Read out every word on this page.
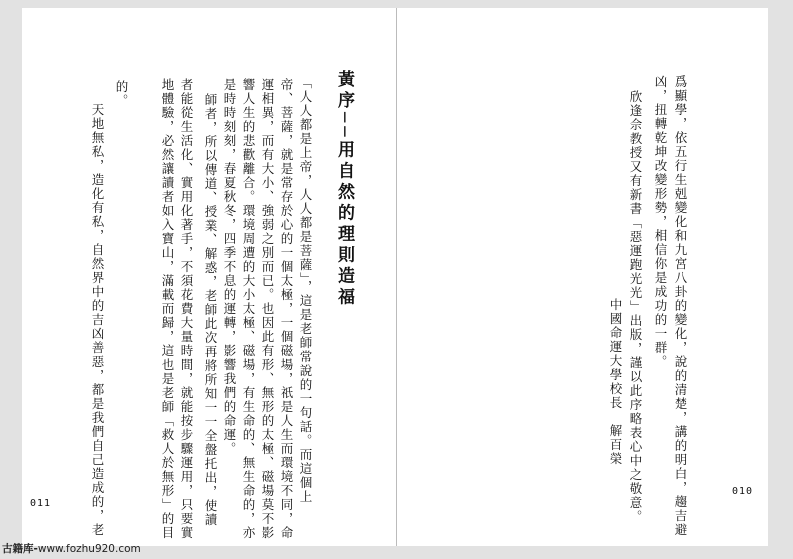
黃序──用自然的理則造福
「人人都是上帝，人人都是菩薩」，這是老師常說的一句話。而這個上
帝、菩薩，就是常存於心的一個太極，一個磁場，祇是人生而環境不同，命
運相異，而有大小、強弱之別而已。也因此有形、無形的太極、磁場莫不影
響人生的悲歡離合。環境周遭的大小太極、磁場，有生命的、無生命的，亦
是時時刻刻，春夏秋冬，四季不息的運轉，影響我們的命運。
師者，所以傳道、授業、解惑，老師此次再將所知一一全盤托出，使讀
者能從生活化、實用化著手，不須花費大量時間，就能按步驟運用，只要實
地體驗，必然讓讀者如入寶山，滿載而歸，這也是老師「救人於無形」的目
的。
天地無私，造化有私，自然界中的吉凶善惡，都是我們自己造成的，老
011	爲顯學，依五行生剋變化和九宮八卦的變化，說的清楚，講的明白，趨吉避
凶，扭轉乾坤改變形勢，相信你是成功的一群。
欣逢佘教授又有新書「惡運跑光光」出版，謹以此序略表心中之敬意。
中國命運大學校長　解百榮
010
古籍库-www.fozhu920.com
